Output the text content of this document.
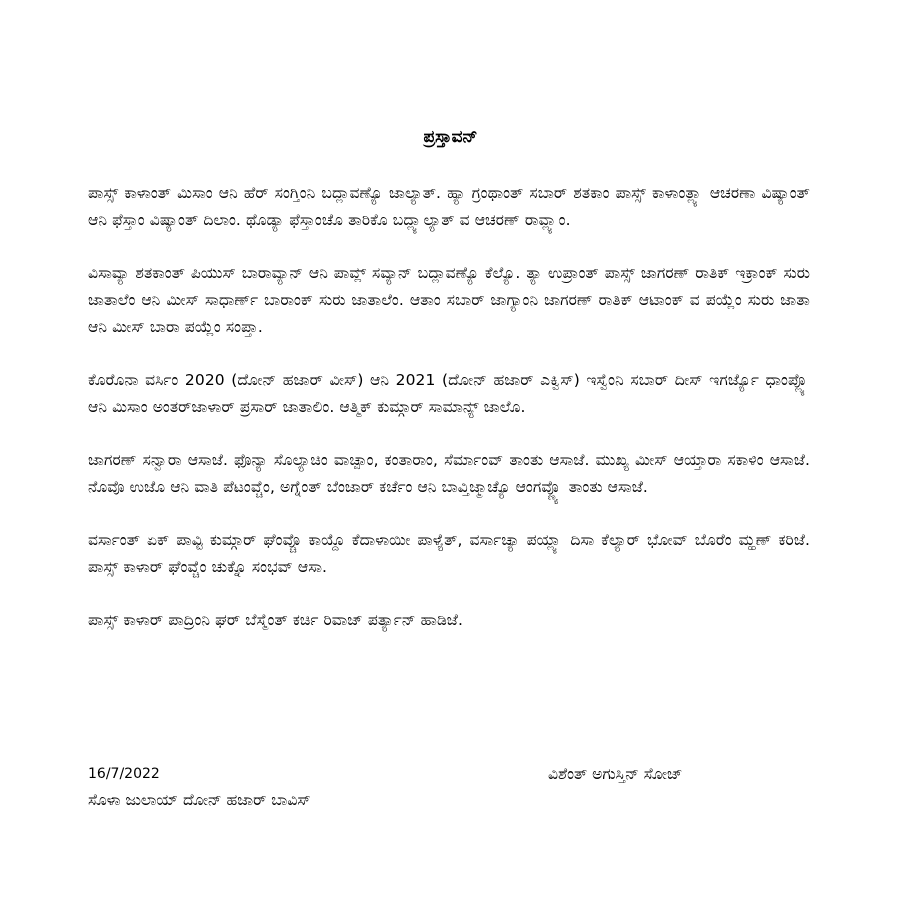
ಪ್ರಸ್ತಾವನ್

ಪಾಸ್ಸ್ ಕಾಳಾಂತ್ ಮಿಸಾಂ ಆನಿ ಹೆರ್ ಸಂಗ್ತಿಂನಿ ಬದ್ಲಾವಣ್ಯೊ ಜಾಲ್ಯಾತ್. ಹ್ಯಾ ಗ್ರಂಥಾಂತ್ ಸಬಾರ್ ಶತಕಾಂ ಪಾಸ್ಸ್ ಕಾಳಾಂತ್ಲ್ಯಾ ಆಚರಣಾ ವಿಷ್ಯಾಂತ್ ಆನಿ ಫೆಸ್ತಾಂ ವಿಷ್ಯಾಂತ್ ದಿಲಾಂ. ಥೊಡ್ಯಾ ಫೆಸ್ತಾಂಚೊ ತಾರಿಕೊ ಬದ್ಲ್ಯಾಲ್ಯಾತ್ ವ ಆಚರಣ್ ರಾವ್ಲ್ಯಾಂ.

ವಿಸಾವ್ಯಾ ಶತಕಾಂತ್ ಪಿಯುಸ್ ಬಾರಾವ್ಯಾನ್ ಆನಿ ಪಾವ್ಲ್ ಸವ್ಯಾನ್ ಬದ್ಲಾವಣ್ಯೊ ಕೆಲ್ಯೊ. ತ್ಯಾ ಉಪ್ರಾಂತ್ ಪಾಸ್ಸ್ ಜಾಗರಣ್ ರಾತಿಕ್ ಇಕ್ರಾಂಕ್ ಸುರು ಜಾತಾಲೆಂ ಆನಿ ಮೀಸ್ ಸಾಧಾರ್ಣ್ ಬಾರಾಂಕ್ ಸುರು ಜಾತಾಲೆಂ. ಆತಾಂ ಸಬಾರ್ ಜಾಗ್ಯಾಂನಿ ಜಾಗರಣ್ ರಾತಿಕ್ ಆಟಾಂಕ್ ವ ಪಯ್ಲೆಂ ಸುರು ಜಾತಾ ಆನಿ ಮೀಸ್ ಬಾರಾ ಪಯ್ಲೆಂ ಸಂಪ್ತಾ.

ಕೊರೊನಾ ವರ್ಸಿಂ 2020 (ದೋನ್ ಹಜಾರ್ ವೀಸ್) ಆನಿ 2021 (ದೋನ್ ಹಜಾರ್ ಎಕ್ವಿಸ್) ಇಸ್ವೆಂನಿ ಸಬಾರ್ ದೀಸ್ ಇಗರ್ಜ್ಯೊ ಧಾಂಪ್ಲ್ಯೊ ಆನಿ ಮಿಸಾಂ ಅಂತರ್‌ಜಾಳಾರ್ ಪ್ರಸಾರ್ ಜಾತಾಲಿಂ. ಆತ್ಮಿಕ್ ಕುಮ್ಗಾರ್ ಸಾಮಾನ್ಯ್ ಜಾಲೊ.

ಜಾಗರಣ್ ಸನ್ವಾರಾ ಆಸಾಜೆ. ಫೊನ್ಯಾ ಸೊಲ್ಯಾಚಿಂ ವಾಚ್ಪಾಂ, ಕಂತಾರಾಂ, ಸೆರ್ಮಾಂವ್ ತಾಂತು ಆಸಾಜೆ. ಮುಖ್ಯ ಮೀಸ್ ಆಯ್ತಾರಾ ಸಕಾಳಿಂ ಆಸಾಜೆ. ನೊವೊ ಉಜೊ ಆನಿ ವಾತಿ ಪೆಟಂವ್ಚೆಂ, ಅಗ್ನೆಂತ್ ಬೆಂಜಾರ್ ಕರ್ಚೆಂ ಆನಿ ಬಾವ್ತಿಜ್ಮಾಚ್ಯೊ ಆಂಗವ್ಣ್ಯೊ ತಾಂತು ಆಸಾಜೆ.

ವರ್ಸಾಂತ್ ಏಕ್ ಪಾವ್ಟಿ ಕುಮ್ಗಾರ್ ಘೆಂವ್ಚೊ ಕಾಯ್ದೊ ಕೆದಾಳಾಯೀ ಪಾಳ್ಯೆತ್, ವರ್ಸಾಚ್ಯಾ ಪಯ್ಲ್ಯಾ ದಿಸಾ ಕೆಲ್ಯಾರ್ ಭೋವ್ ಬೊರೆಂ ಮ್ಹಣ್ ಕರಿಜೆ. ಪಾಸ್ಸ್ ಕಾಳಾರ್ ಘೆಂವ್ಚೆಂ ಚುಕ್ನೊ ಸಂಭವ್ ಆಸಾ.

ಪಾಸ್ಸ್ ಕಾಳಾರ್ ಪಾದ್ರಿಂನಿ ಘರ್ ಬೆಸ್ಮೆಂತ್ ಕರ್ಚಿ ರಿವಾಜ್ ಪರ್ತ್ಯಾನ್ ಹಾಡಿಜೆ.

16/7/2022

ಸೊಳಾ ಜುಲಾಯ್ ದೋನ್ ಹಜಾರ್ ಬಾವಿಸ್

ವಿಶೆಂತ್ ಅಗುಸ್ತಿನ್ ಸೋಜ್
